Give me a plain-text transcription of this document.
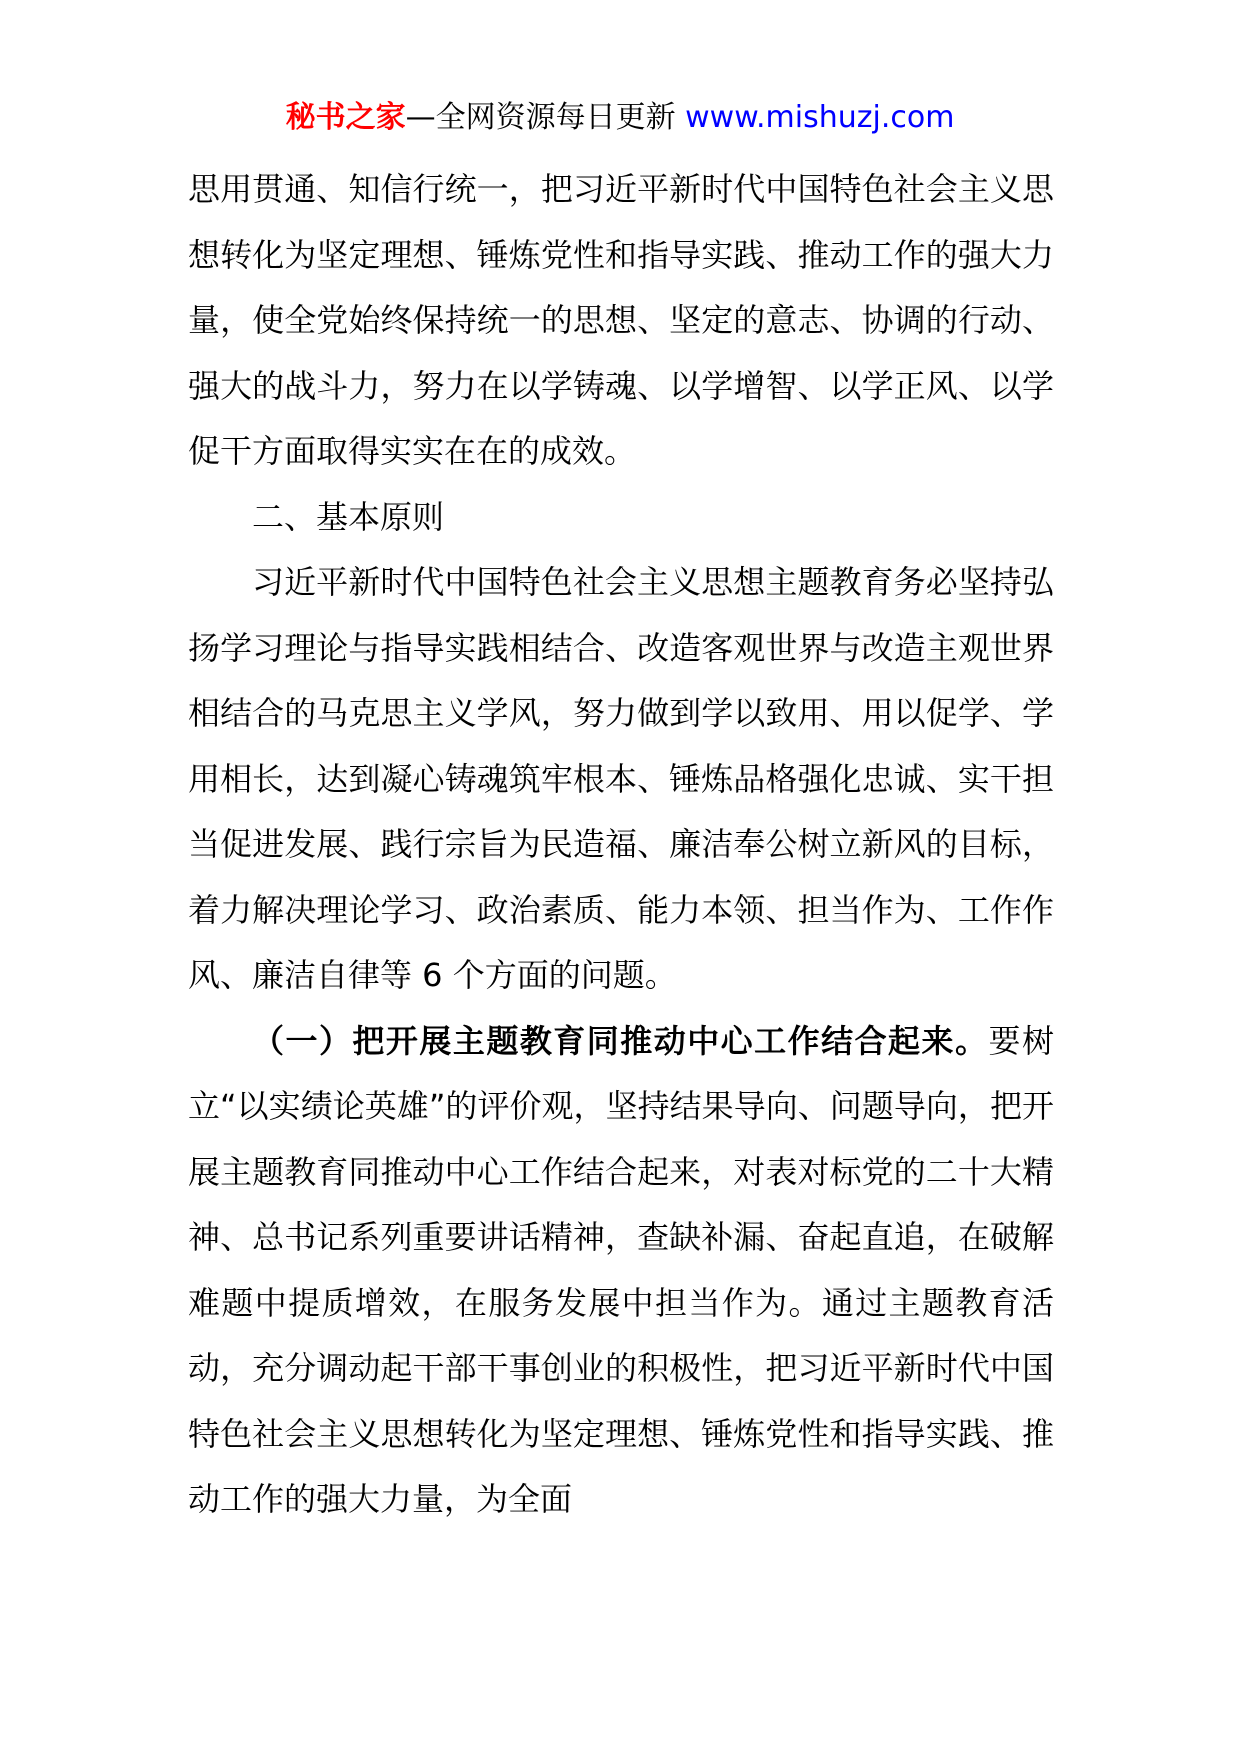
秘书之家—全网资源每日更新 www.mishuzj.com

思用贯通、知信行统一，把习近平新时代中国特色社会主义思想转化为坚定理想、锤炼党性和指导实践、推动工作的强大力量，使全党始终保持统一的思想、坚定的意志、协调的行动、强大的战斗力，努力在以学铸魂、以学增智、以学正风、以学促干方面取得实实在在的成效。

二、基本原则

习近平新时代中国特色社会主义思想主题教育务必坚持弘扬学习理论与指导实践相结合、改造客观世界与改造主观世界相结合的马克思主义学风，努力做到学以致用、用以促学、学用相长，达到凝心铸魂筑牢根本、锤炼品格强化忠诚、实干担当促进发展、践行宗旨为民造福、廉洁奉公树立新风的目标，着力解决理论学习、政治素质、能力本领、担当作为、工作作风、廉洁自律等 6 个方面的问题。

（一）把开展主题教育同推动中心工作结合起来。要树立“以实绩论英雄”的评价观，坚持结果导向、问题导向，把开展主题教育同推动中心工作结合起来，对表对标党的二十大精神、总书记系列重要讲话精神，查缺补漏、奋起直追，在破解难题中提质增效，在服务发展中担当作为。通过主题教育活动，充分调动起干部干事创业的积极性，把习近平新时代中国特色社会主义思想转化为坚定理想、锤炼党性和指导实践、推动工作的强大力量，为全面
